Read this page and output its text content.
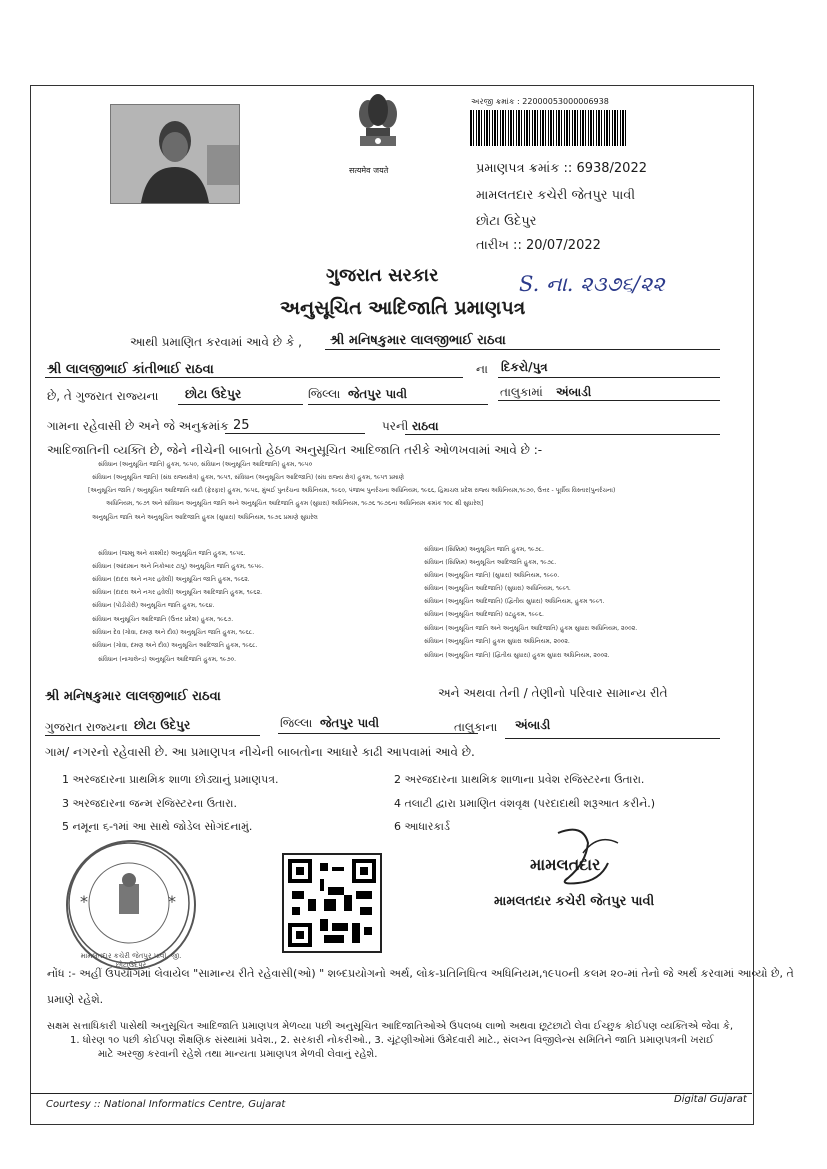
सत्यमेव जयते
અરજી ક્રમાંક : 22000053000006938
પ્રમાણપત્ર ક્રમાંક :: 6938/2022
મામલતદાર કચેરી જેતપુર પાવી
છોટા ઉદેપુર
તારીખ :: 20/07/2022
S. ના. ૨૩૭૬/૨૨
ગુજરાત સરકાર
અનુસૂચિત આદિજાતિ પ્રમાણપત્ર
આથી પ્રમાણિત કરવામાં આવે છે કે , શ્રી મનિષકુમાર લાલજીભાઈ રાઠવા
શ્રી લાલજીભાઈ કાંતીભાઈ રાઠવા	ના દિકરો/પુત્ર
છે, તે ગુજરાત રાજ્યના છોટા ઉદેપુર	જિલ્લા જેતપુર પાવી	તાલુકામાં અંબાડી
ગામના રહેવાસી છે અને જે અનુક્રમાંક 25	પરની રાઠવા
આદિજાતિની વ્યક્તિ છે, જેને નીચેની બાબતો હેઠળ અનુસૂચિત આદિજાતિ તરીકે ઓળખવામાં આવે છે :-
સંવિધાન (અનુસૂચિત જાતિ) હુકમ, ૧૯૫૦, સંવિધાન (અનુસૂચિત આદિજાતિ) હુકમ, ૧૯૫૦
સંવિધાન (અનુસૂચિત જાતિ) (સંઘ રાજ્યક્ષેત્ર) હુકમ, ૧૯૫૧, સંવિધાન (અનુસૂચિત આદિજાતિ) (સંઘ રાજ્ય ક્ષેત્ર) હુકમ, ૧૯૫૧ પ્રમાણે
[અનુસૂચિત જાતિ / અનુસૂચિત આદિજાતિ યાદી (ફેરફાર) હુકમ, ૧૯૫૬, મુંબઈ પુનર્રચના અધિનિયમ, ૧૯૬૦, પંજાબ પુનર્રચના અધિનિયમ, ૧૯૬૬, હિમાચલ પ્રદેશ રાજ્ય અધિનિયમ,૧૯૭૦, ઉત્તર - પૂર્વીય વિસ્તાર(પુનર્રચના)
અધિનિયમ, ૧૯૭૧ અને સંવિધાન અનુસૂચિત જાતિ અને અનુસૂચિત આદિજાતિ હુકમ (સુધારા) અધિનિયમ, ૧૯૭૬ ૧૯૭૬ના અધિનિયમ ક્રમાંક ૧૦૮ થી સુધારેલ]
અનુસૂચિત જાતિ અને અનુસૂચિત આદિજાતિ હુકમ (સુધારા) અધિનિયમ, ૧૯૭૬ પ્રમાણે સુધારેલ
સંવિધાન (જમ્મુ અને કાશ્મીર) અનુસૂચિત જાતિ હુકમ, ૧૯૫૬.
સંવિધાન (આંદામાન અને નિકોબાર ટાપુ) અનુસૂચિત જાતિ હુકમ, ૧૯૫૯.
સંવિધાન (દાદરા અને નગર હવેલી) અનુસૂચિત જાતિ હુકમ, ૧૯૬૨.
સંવિધાન (દાદરા અને નગર હવેલી) અનુસૂચિત આદિજાતિ હુકમ, ૧૯૬૨.
સંવિધાન (પોંડીચેરી) અનુસૂચિત જાતિ હુકમ, ૧૯૬૪.
સંવિધાન અનુસૂચિત આદિજાતિ (ઉત્તર પ્રદેશ) હુકમ, ૧૯૬૭.
સંવિધાન દેવ (ગોવા, દમણ અને દીવ) અનુસૂચિત જાતિ હુકમ, ૧૯૬૮.
સંવિધાન (ગોવા, દમણ અને દીવ) અનુસૂચિત આદિજાતિ હુકમ, ૧૯૬૮.
સંવિધાન (નાગાલેન્ડ) અનુસૂચિત આદિજાતિ હુકમ, ૧૯૭૦.
સંવિધાન (સિક્કિમ) અનુસૂચિત જાતિ હુકમ, ૧૯૭૮.
સંવિધાન (સિક્કિમ) અનુસૂચિત આદિજાતિ હુકમ, ૧૯૭૮.
સંવિધાન (અનુસૂચિત જાતિ) (સુધારા) અધિનિયમ, ૧૯૯૦.
સંવિધાન (અનુસૂચિત આદિજાતિ) (સુધારા) અધિનિયમ, ૧૯૯૧.
સંવિધાન (અનુસૂચિત આદિજાતિ) (દ્વિતીય સુધારા) અધિનિયમ, હુકમ ૧૯૯૧.
સંવિધાન (અનુસૂચિત આદિજાતિ) વટહુકમ, ૧૯૯૬.
સંવિધાન (અનુસૂચિત જાતિ અને અનુસૂચિત આદિજાતિ) હુકમ સુધારા અધિનિયમ, ૨૦૦૨.
સંવિધાન (અનુસૂચિત જાતિ) હુકમ સુધારા અધિનિયમ, ૨૦૦૨.
સંવિધાન (અનુસૂચિત જાતિ) (દ્વિતીય સુધારા) હુકમ સુધારા અધિનિયમ, ૨૦૦૨.
શ્રી મનિષકુમાર લાલજીભાઈ રાઠવા	અને અથવા તેની / તેણીનો પરિવાર સામાન્ય રીતે
ગુજરાત રાજ્યના છોટા ઉદેપુર	જિલ્લા જેતપુર પાવી	તાલુકાના અંબાડી
ગામ/ નગરનો રહેવાસી છે. આ પ્રમાણપત્ર નીચેની બાબતોના આધારે કાઢી આપવામાં આવે છે.
1 અરજદારના પ્રાથમિક શાળા છોડ્યાનું પ્રમાણપત્ર.	2 અરજદારના પ્રાથમિક શાળાના પ્રવેશ રજિસ્ટરના ઉતારા.
3 અરજદારના જન્મ રજિસ્ટરના ઉતારા.	4 તલાટી દ્વારા પ્રમાણિત વંશવૃક્ષ (પરદાદાથી શરૂઆત કરીને.)
5 નમૂના ૬-૧માં આ સાથે જોડેલ સોગંદનામું.	6 આધારકાર્ડ
*	*
મામલતદાર કચેરી જેતપુર પાવી, જી. છોટાઉદેપુર
મામલતદાર
મામલતદાર કચેરી જેતપુર પાવી
નોંધ :- અહીં ઉપયોગમાં લેવાયેલ "સામાન્ય રીતે રહેવાસી(ઓ) " શબ્દપ્રયોગનો અર્થ, લોક-પ્રતિનિધિત્વ અધિનિયમ,૧૯૫૦ની કલમ ૨૦-માં તેનો જે અર્થ કરવામાં આવ્યો છે, તે
પ્રમાણે રહેશે.
સક્ષમ સત્તાધિકારી પાસેથી અનુસૂચિત આદિજાતિ પ્રમાણપત્ર મેળવ્યા પછી અનુસૂચિત આદિજાતિઓએ ઉપલબ્ધ લાભો અથવા છૂટછાટો લેવા ઈચ્છુક કોઈપણ વ્યક્તિએ જેવા કે,
1. ધોરણ ૧૦ પછી કોઈપણ શૈક્ષણિક સંસ્થામાં પ્રવેશ., 2. સરકારી નોકરીઓ., 3. ચૂંટણીઓમાં ઉમેદવારી માટે., સંલગ્ન વિજીલેન્સ સમિતિને જાતિ પ્રમાણપત્રની ખરાઈ
માટે અરજી કરવાની રહેશે તથા માન્યતા પ્રમાણપત્ર મેળવી લેવાનું રહેશે.
Courtesy :: National Informatics Centre, Gujarat	Digital Gujarat
